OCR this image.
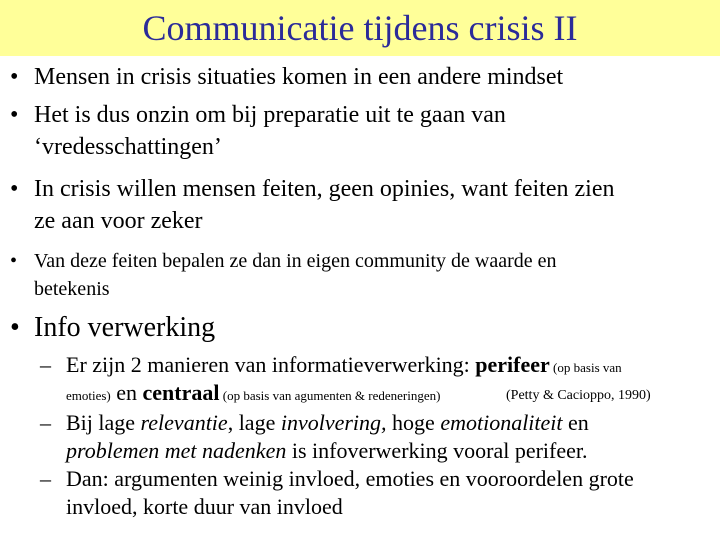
Communicatie tijdens crisis II
• Mensen in crisis situaties komen in een andere mindset
• Het is dus onzin om bij preparatie uit te gaan van
‘vredesschattingen’
• In crisis willen mensen feiten, geen opinies, want feiten zien
ze aan voor zeker
• Van deze feiten bepalen ze dan in eigen community de waarde en
betekenis
• Info verwerking
– Er zijn 2 manieren van informatieverwerking: perifeer (op basis van
emoties) en centraal (op basis van agumenten & redeneringen)	(Petty & Cacioppo, 1990)
– Bij lage relevantie, lage involvering, hoge emotionaliteit en
problemen met nadenken is infoverwerking vooral perifeer.
– Dan: argumenten weinig invloed, emoties en vooroordelen grote
invloed, korte duur van invloed
